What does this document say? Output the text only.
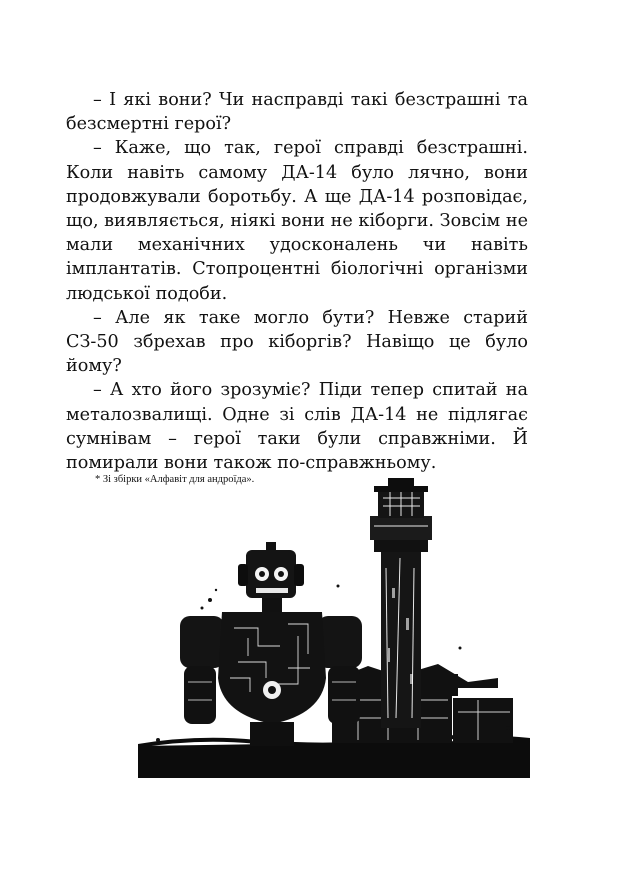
– І які вони? Чи насправді такі безстрашні та безсмертні герої?

– Каже, що так, герої справді безстрашні. Коли навіть самому ДА-14 було лячно, вони продовжували боротьбу. А ще ДА-14 розповідає, що, виявляється, ніякі вони не кіборги. Зовсім не мали механічних удосконалень чи навіть імплантатів. Стопроцентні біологічні організми людської подоби.

– Але як таке могло бути? Невже старий СЗ-50 збрехав про кіборгів? Навіщо це було йому?

– А хто його зрозуміє? Піди тепер спитай на металозвалищі. Одне зі слів ДА-14 не підлягає сумнівам – герої таки були справжніми. Й помирали вони також по-справжньому.

* Зі збірки «Алфавіт для андроїда».
